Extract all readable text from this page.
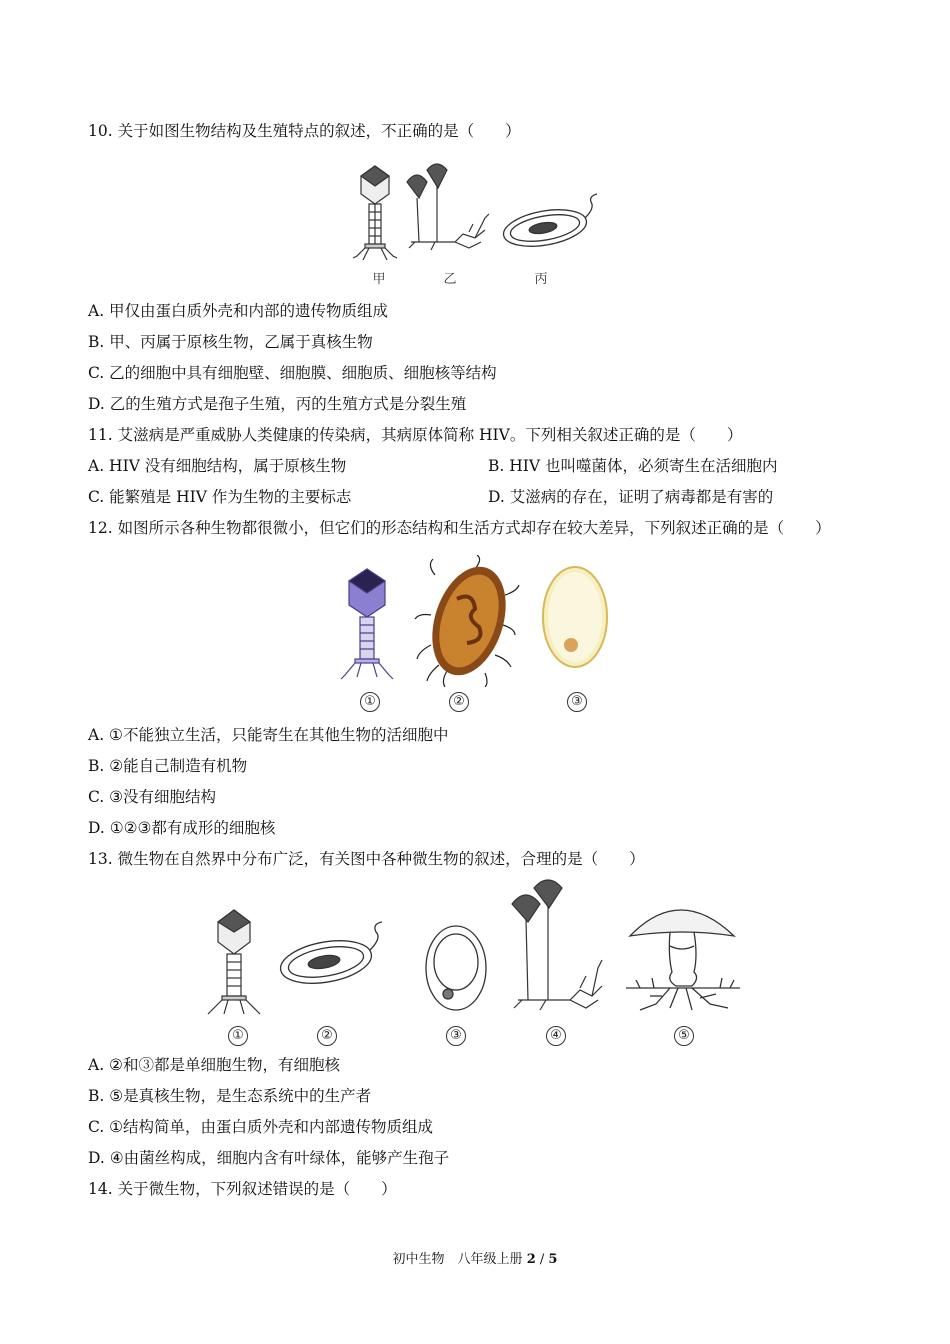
10. 关于如图生物结构及生殖特点的叙述，不正确的是（　　）
甲	乙	丙
A. 甲仅由蛋白质外壳和内部的遗传物质组成
B. 甲、丙属于原核生物，乙属于真核生物
C. 乙的细胞中具有细胞壁、细胞膜、细胞质、细胞核等结构
D. 乙的生殖方式是孢子生殖，丙的生殖方式是分裂生殖
11. 艾滋病是严重威胁人类健康的传染病，其病原体简称 HIV。下列相关叙述正确的是（　　）
A. HIV 没有细胞结构，属于原核生物	B. HIV 也叫噬菌体，必须寄生在活细胞内
C. 能繁殖是 HIV 作为生物的主要标志	D. 艾滋病的存在，证明了病毒都是有害的
12. 如图所示各种生物都很微小，但它们的形态结构和生活方式却存在较大差异，下列叙述正确的是（　　）
①	②	③
A. ①不能独立生活，只能寄生在其他生物的活细胞中
B. ②能自己制造有机物
C. ③没有细胞结构
D. ①②③都有成形的细胞核
13. 微生物在自然界中分布广泛，有关图中各种微生物的叙述，合理的是（　　）
①	②	③	④	⑤
A. ②和③都是单细胞生物，有细胞核
B. ⑤是真核生物，是生态系统中的生产者
C. ①结构简单，由蛋白质外壳和内部遗传物质组成
D. ④由菌丝构成，细胞内含有叶绿体，能够产生孢子
14. 关于微生物，下列叙述错误的是（　　）
初中生物　八年级上册 2 / 5
